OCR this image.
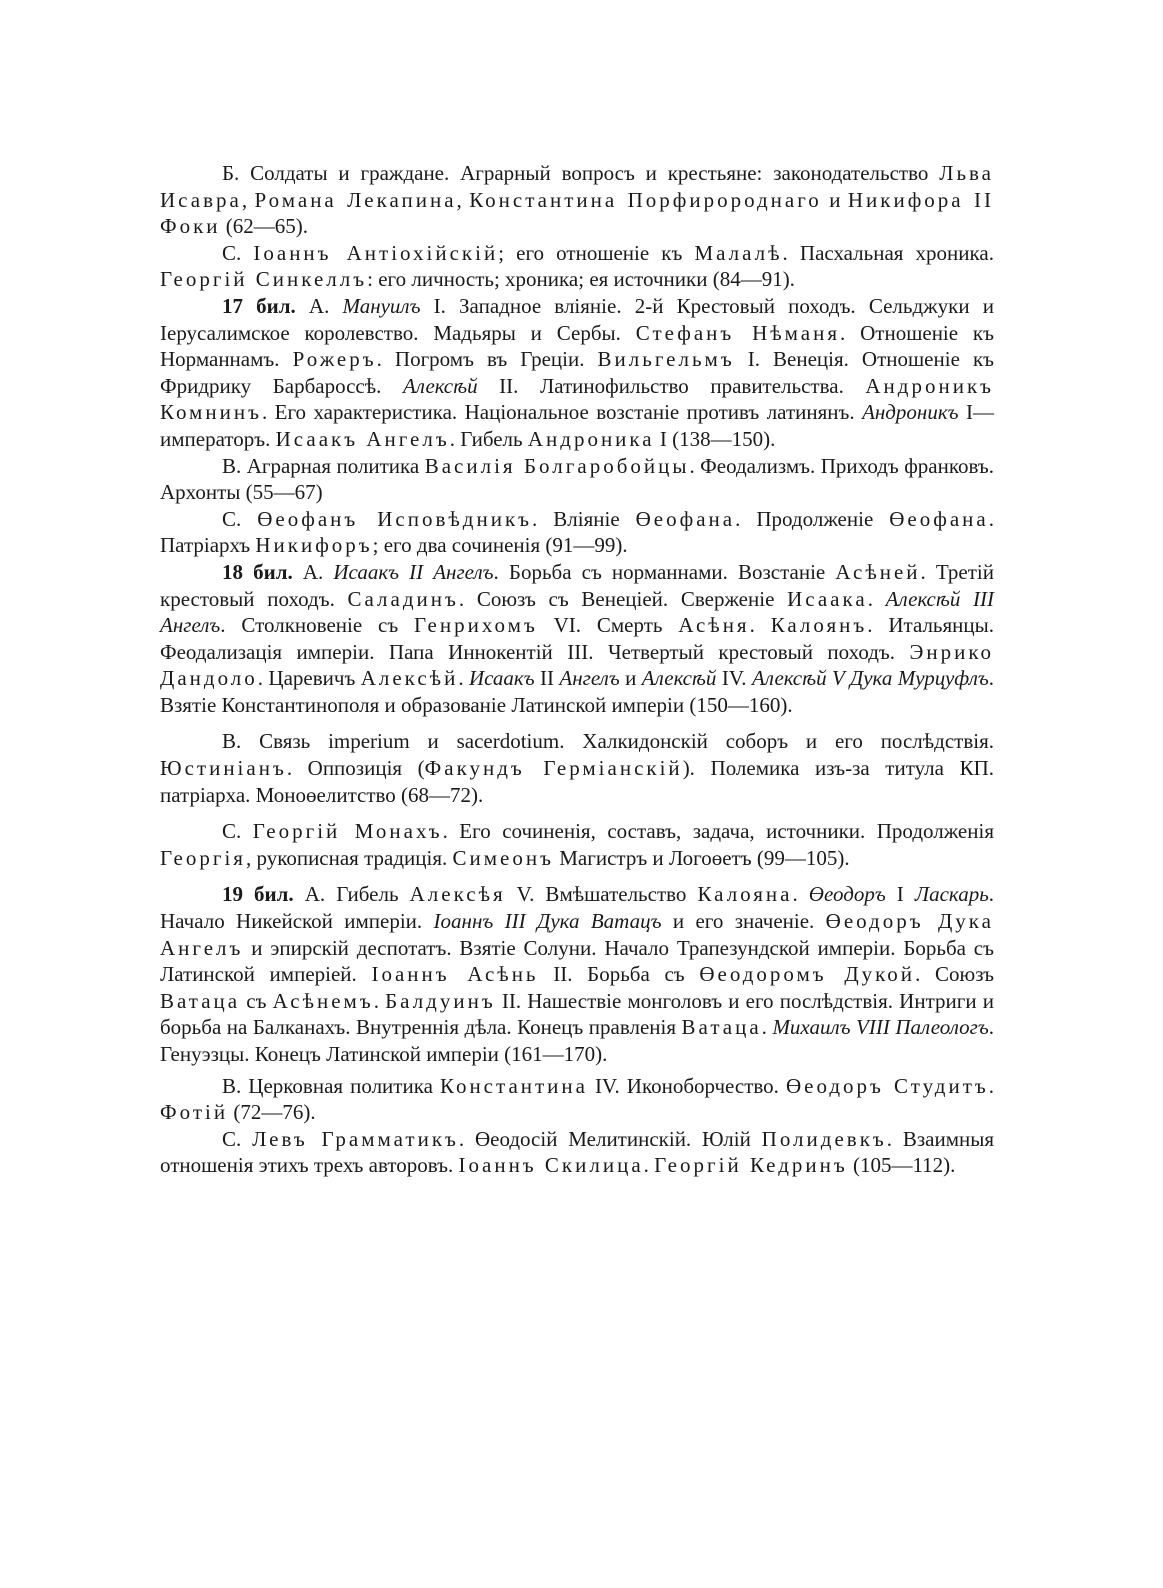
Б. Солдаты и граждане. Аграрный вопросъ и крестьяне: законодательство Льва Исавра, Романа Лекапина, Константина Порфиророднаго и Никифора II Фоки (62—65).

С. Іоаннъ Антіохійскій; его отношеніе къ Малалѣ. Пасхальная хроника. Георгій Синкеллъ: его личность; хроника; ея источники (84—91).

17 бил. А. Мануилъ I. Западное вліяніе. 2-й Крестовый походъ. Сельджуки и Іерусалимское королевство. Мадьяры и Сербы. Стефанъ Нѣманя. Отношеніе къ Норманнамъ. Рожеръ. Погромъ въ Греціи. Вильгельмъ I. Венеція. Отношеніе къ Фридрику Барбароссѣ. Алексѣй II. Латинофильство правительства. Андроникъ Комнинъ. Его характеристика. Національное возстаніе противъ латинянъ. Андроникъ I—императоръ. Исаакъ Ангелъ. Гибель Андроника I (138—150).

В. Аграрная политика Василія Болгаробойцы. Феодализмъ. Приходъ франковъ. Архонты (55—67)

С. Өеофанъ Исповѣдникъ. Вліяніе Өеофана. Продолженіе Өеофана. Патріархъ Никифоръ; его два сочиненія (91—99).

18 бил. А. Исаакъ II Ангелъ. Борьба съ норманнами. Возстаніе Асѣней. Третій крестовый походъ. Саладинъ. Союзъ съ Венеціей. Сверженіе Исаака. Алексѣй III Ангелъ. Столкновеніе съ Генрихомъ VI. Смерть Асѣня. Калоянъ. Итальянцы. Феодализація имперіи. Папа Иннокентій III. Четвертый крестовый походъ. Энрико Дандоло. Царевичъ Алексѣй. Исаакъ II Ангелъ и Алексѣй IV. Алексѣй V Дука Мурцуфлъ. Взятіе Константинополя и образованіе Латинской имперіи (150—160).

В. Связь imperium и sacerdotium. Халкидонскій соборъ и его послѣдствія. Юстиніанъ. Оппозиція (Факундъ Герміанскій). Полемика изъ-за титула КП. патріарха. Моноөелитство (68—72).

С. Георгій Монахъ. Его сочиненія, составъ, задача, источники. Продолженія Георгія, рукописная традиція. Симеонъ Магистръ и Логоөетъ (99—105).

19 бил. А. Гибель Алексѣя V. Вмѣшательство Калояна. Өеодоръ I Ласкарь. Начало Никейской имперіи. Іоаннъ III Дука Ватацъ и его значеніе. Өеодоръ Дука Ангелъ и эпирскій деспотатъ. Взятіе Солуни. Начало Трапезундской имперіи. Борьба съ Латинской имперіей. Іоаннъ Асѣнь II. Борьба съ Өеодоромъ Дукой. Союзъ Ватаца съ Асѣнемъ. Балдуинъ II. Нашествіе монголовъ и его послѣдствія. Интриги и борьба на Балканахъ. Внутреннія дѣла. Конецъ правленія Ватаца. Михаилъ VIII Палеологъ. Генуэзцы. Конецъ Латинской имперіи (161—170).

В. Церковная политика Константина IV. Иконоборчество. Өеодоръ Студитъ. Фотій (72—76).

С. Левъ Грамматикъ. Өеодосій Мелитинскій. Юлій Полидевкъ. Взаимныя отношенія этихъ трехъ авторовъ. Іоаннъ Скилица. Георгій Кедринъ (105—112).
